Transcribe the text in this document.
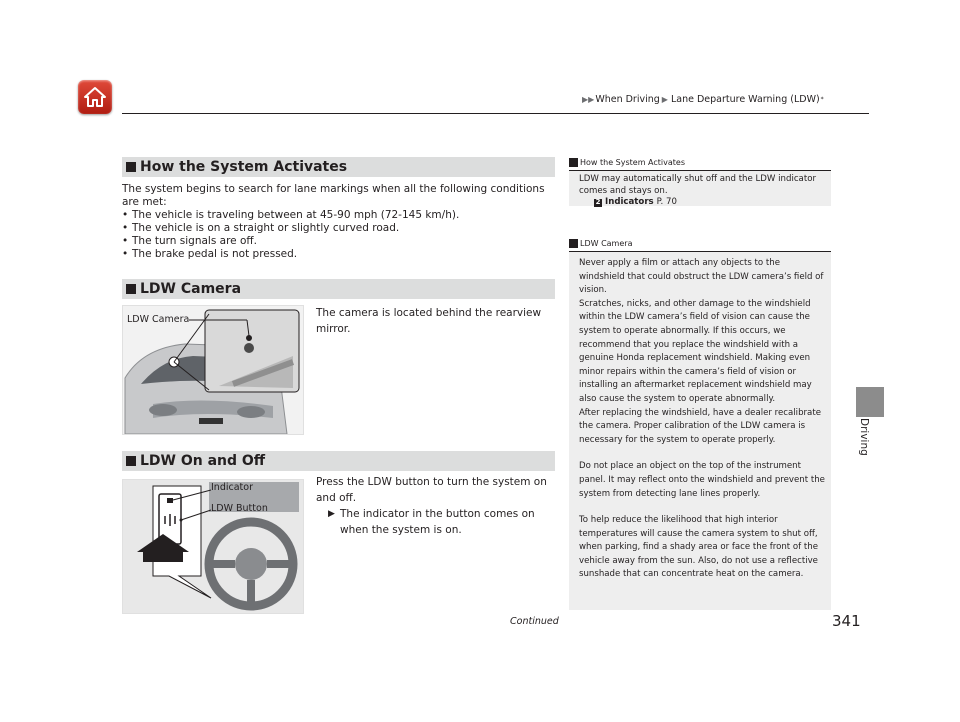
▶▶ When Driving ▶ Lane Departure Warning (LDW) *
Driving
How the System Activates
The system begins to search for lane markings when all the following conditions are met:
• The vehicle is traveling between at 45-90 mph (72-145 km/h).
• The vehicle is on a straight or slightly curved road.
• The turn signals are off.
• The brake pedal is not pressed.
LDW Camera
LDW Camera
The camera is located behind the rearview mirror.
LDW On and Off
Indicator
LDW Button
Press the LDW button to turn the system on and off.
▶ The indicator in the button comes on when the system is on.
How the System Activates

LDW may automatically shut off and the LDW indicator comes and stays on.

2 Indicators P. 70
LDW Camera

Never apply a film or attach any objects to the windshield that could obstruct the LDW camera’s field of vision.

Scratches, nicks, and other damage to the windshield within the LDW camera’s field of vision can cause the system to operate abnormally. If this occurs, we recommend that you replace the windshield with a genuine Honda replacement windshield. Making even minor repairs within the camera’s field of vision or installing an aftermarket replacement windshield may also cause the system to operate abnormally.

After replacing the windshield, have a dealer recalibrate the camera. Proper calibration of the LDW camera is necessary for the system to operate properly.

Do not place an object on the top of the instrument panel. It may reflect onto the windshield and prevent the system from detecting lane lines properly.

To help reduce the likelihood that high interior temperatures will cause the camera system to shut off, when parking, find a shady area or face the front of the vehicle away from the sun. Also, do not use a reflective sunshade that can concentrate heat on the camera.

Continued	341
